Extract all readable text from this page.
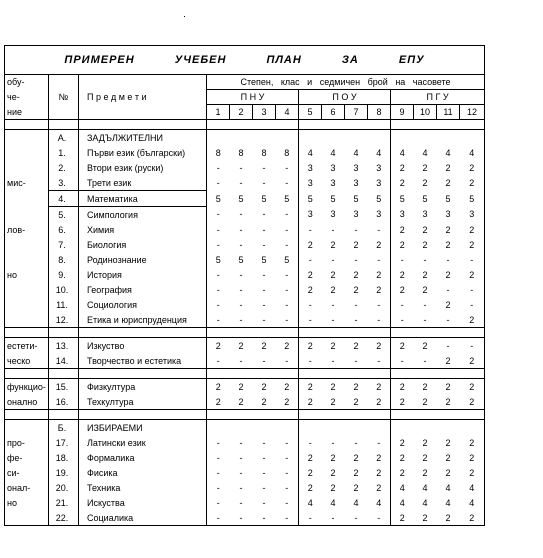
ПРИМЕРЕН УЧЕБЕН ПЛАН ЗА ЕПУ														
обу-			Степен, клас и седмичен брой на часовете											
че-	№	П р е д м е т и	П Н У				П О У				П Г У			
ние			1	2	3	4	5	6	7	8	9	10	11	12

	А.	ЗАДЪЛЖИТЕЛНИ												
	1.	Първи език (български)	8	8	8	8	4	4	4	4	4	4	4	4
	2.	Втори език (руски)	-	-	-	-	3	3	3	3	2	2	2	2
мис-	3.	Трети език	-	-	-	-	3	3	3	3	2	2	2	2
	4.	Математика	5	5	5	5	5	5	5	5	5	5	5	5
	5.	Симпология	-	-	-	-	3	3	3	3	3	3	3	3
лов-	6.	Химия	-	-	-	-	-	-	-	-	2	2	2	2
	7.	Биология	-	-	-	-	2	2	2	2	2	2	2	2
	8.	Родинознание	5	5	5	5	-	-	-	-	-	-	-	-
но	9.	История	-	-	-	-	2	2	2	2	2	2	2	2
	10.	География	-	-	-	-	2	2	2	2	2	2	-	-
	11.	Социология	-	-	-	-	-	-	-	-	-	-	2	-
	12.	Етика и юриспруденция	-	-	-	-	-	-	-	-	-	-	-	2

естети-	13.	Изкуство	2	2	2	2	2	2	2	2	2	2	-	-
ческо	14.	Творчество и естетика	-	-	-	-	-	-	-	-	-	-	2	2

функцио-	15.	Физкултура	2	2	2	2	2	2	2	2	2	2	2	2
онално	16.	Техкултура	2	2	2	2	2	2	2	2	2	2	2	2

	Б.	ИЗБИРАЕМИ												
про-	17.	Латински език	-	-	-	-	-	-	-	-	2	2	2	2
фе-	18.	Формалика	-	-	-	-	2	2	2	2	2	2	2	2
си-	19.	Фисика	-	-	-	-	2	2	2	2	2	2	2	2
онал-	20.	Техника	-	-	-	-	2	2	2	2	4	4	4	4
но	21.	Искуства	-	-	-	-	4	4	4	4	4	4	4	4
	22.	Социалика	-	-	-	-	-	-	-	-	2	2	2	2
